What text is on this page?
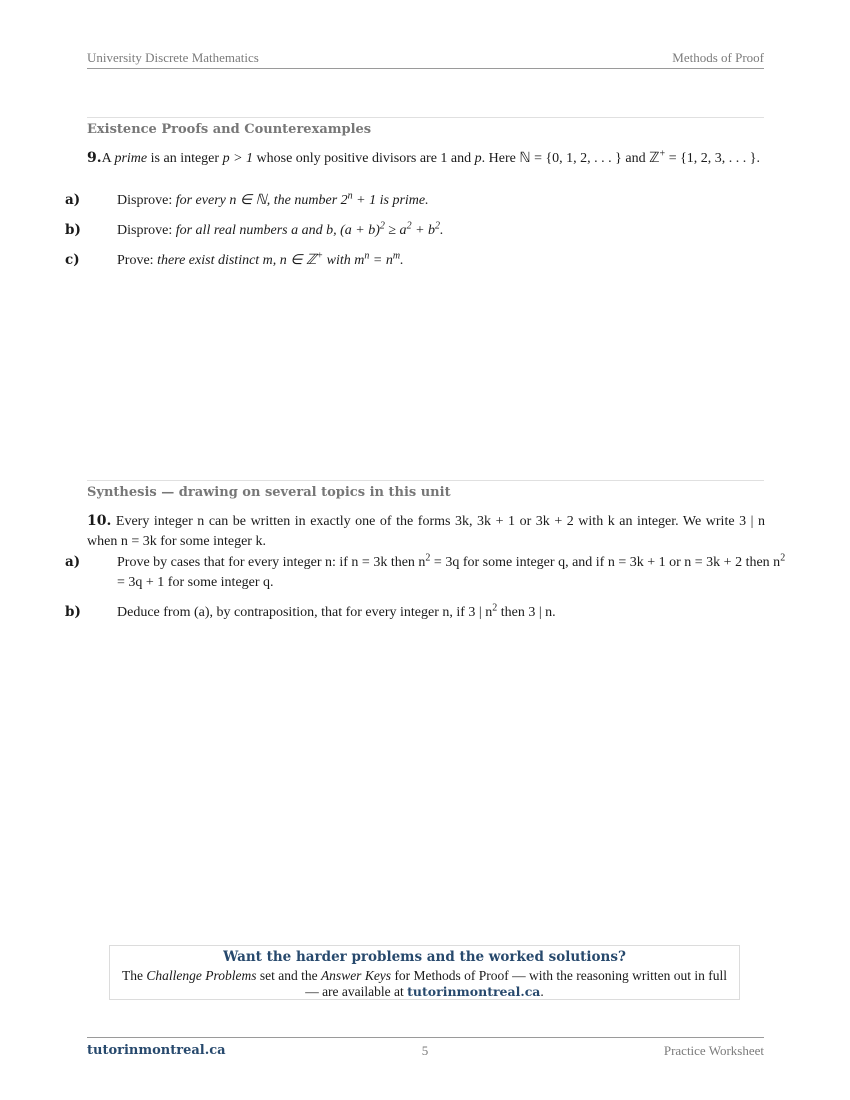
University Discrete Mathematics	Methods of Proof
Existence Proofs and Counterexamples
9.A prime is an integer p > 1 whose only positive divisors are 1 and p. Here ℕ = {0, 1, 2, . . . } and ℤ+ = {1, 2, 3, . . . }.
a)	Disprove: for every n ∈ ℕ, the number $2^n + 1$ is prime.
b)	Disprove: for all real numbers a and b, $(a + b)^2 \ge a^2 + b^2$.
c)	Prove: there exist distinct m, n ∈ ℤ+ with $m^n = n^m$.
Synthesis — drawing on several topics in this unit
10. Every integer n can be written in exactly one of the forms 3k, 3k + 1 or 3k + 2 with k an integer. We write 3 | n when n = 3k for some integer k.
a)	Prove by cases that for every integer n: if n = 3k then $n^2 = 3q$ for some integer q, and if n = 3k + 1 or n = 3k + 2 then $n^2 = 3q + 1$ for some integer q.
b)	Deduce from (a), by contraposition, that for every integer n, if 3 | $n^2$ then 3 | n.
Want the harder problems and the worked solutions?
The Challenge Problems set and the Answer Keys for Methods of Proof — with the reasoning written out in full — are available at tutorinmontreal.ca.
tutorinmontreal.ca	5	Practice Worksheet
